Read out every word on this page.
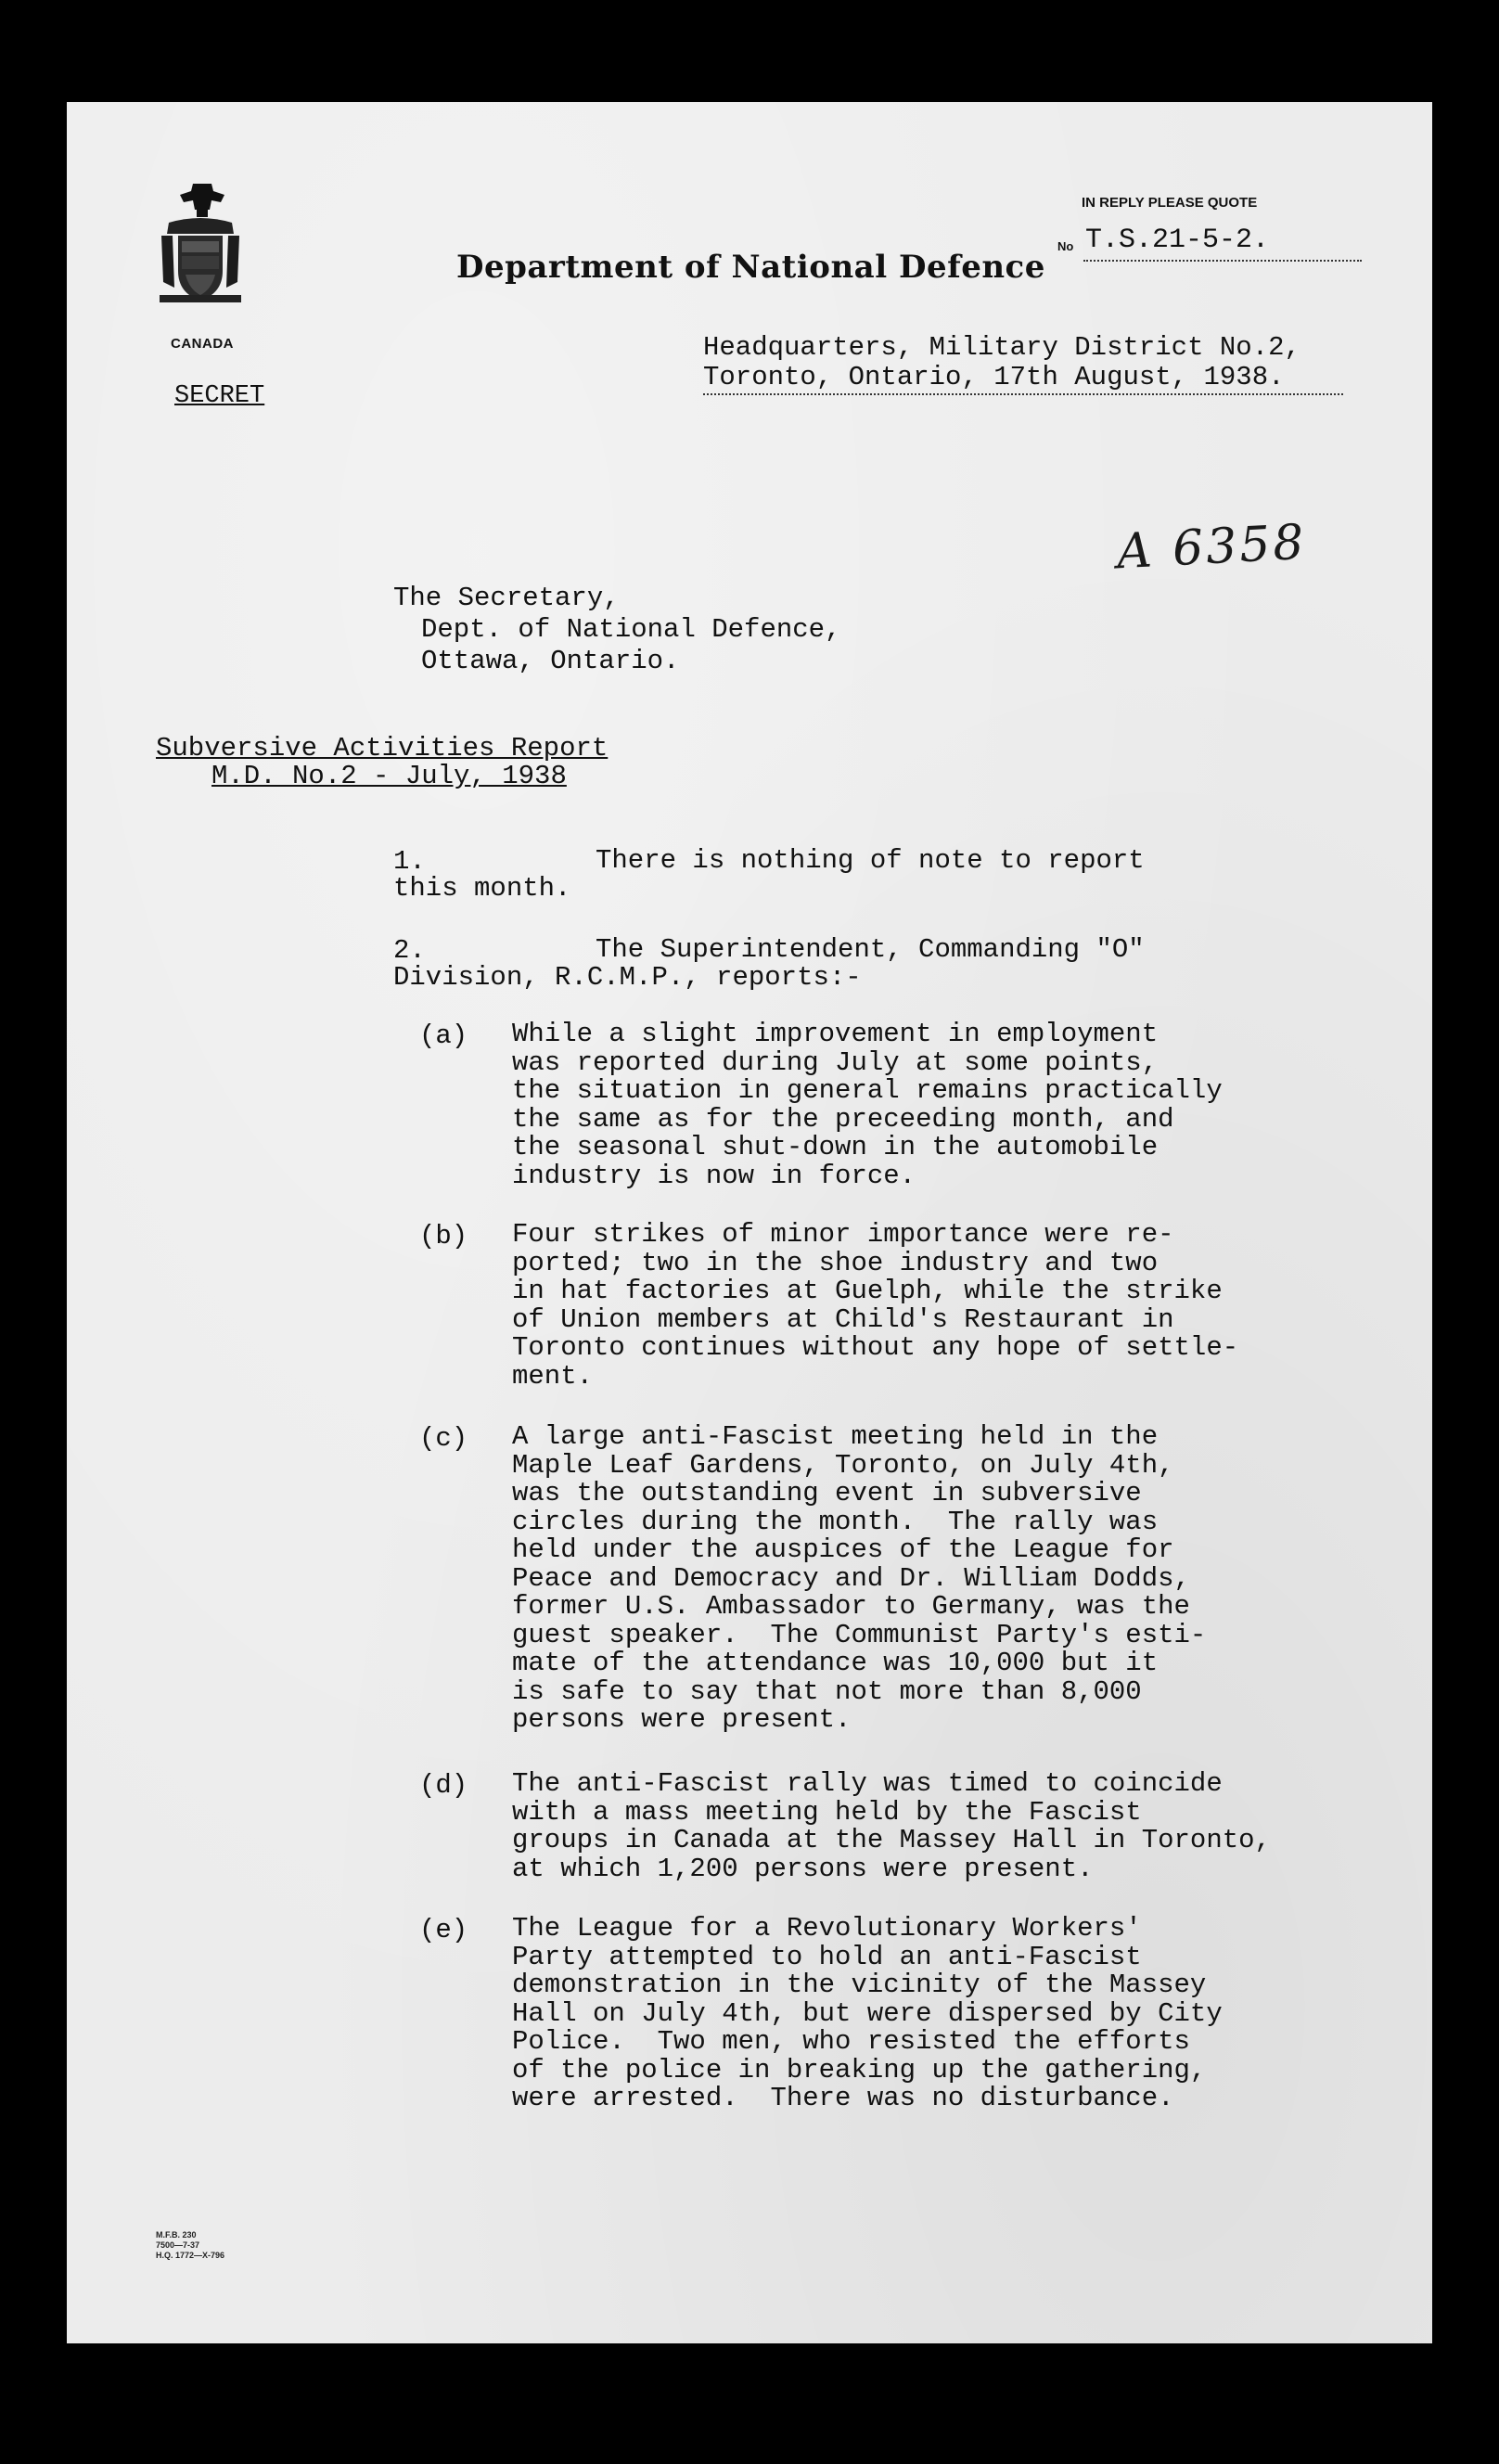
CANADA
Department of National Defence
IN REPLY PLEASE QUOTE
No T.S.21-5-2.
Headquarters, Military District No.2,
Toronto, Ontario, 17th August, 1938.
SECRET
A 6358
The Secretary,
Dept. of National Defence,
Ottawa, Ontario.
Subversive Activities Report
M.D. No.2 - July, 1938
1.	There is nothing of note to report
this month.
2.	The Superintendent, Commanding "O"
Division, R.C.M.P., reports:-
(a) While a slight improvement in employment
was reported during July at some points,
the situation in general remains practically
the same as for the preceeding month, and
the seasonal shut-down in the automobile
industry is now in force.
(b) Four strikes of minor importance were re-
ported; two in the shoe industry and two
in hat factories at Guelph, while the strike
of Union members at Child's Restaurant in
Toronto continues without any hope of settle-
ment.
(c) A large anti-Fascist meeting held in the
Maple Leaf Gardens, Toronto, on July 4th,
was the outstanding event in subversive
circles during the month.  The rally was
held under the auspices of the League for
Peace and Democracy and Dr. William Dodds,
former U.S. Ambassador to Germany, was the
guest speaker.  The Communist Party's esti-
mate of the attendance was 10,000 but it
is safe to say that not more than 8,000
persons were present.
(d) The anti-Fascist rally was timed to coincide
with a mass meeting held by the Fascist
groups in Canada at the Massey Hall in Toronto,
at which 1,200 persons were present.
(e) The League for a Revolutionary Workers'
Party attempted to hold an anti-Fascist
demonstration in the vicinity of the Massey
Hall on July 4th, but were dispersed by City
Police.  Two men, who resisted the efforts
of the police in breaking up the gathering,
were arrested.  There was no disturbance.
M.F.B. 230
7500—7-37
H.Q. 1772—X-796
